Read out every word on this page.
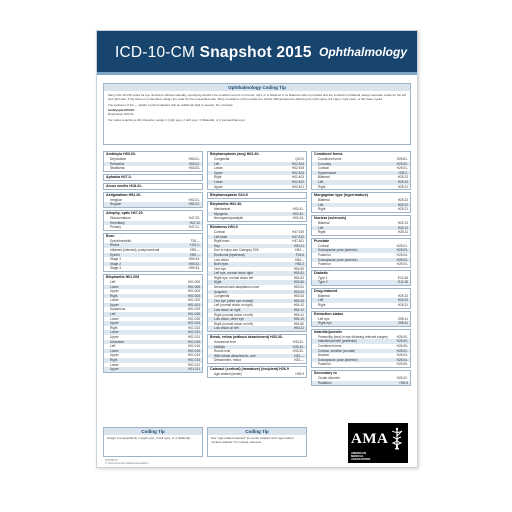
ICD-10-CM Snapshot 2015 Ophthalmology
Ophthalmology Coding Tip

Many ICD-10-CM codes for eye disorders indicate laterality, specifying whether the condition occurs on the left, right, or is bilateral. If no bilateral code is provided and the condition is bilateral, assign separate codes for the left and right side. If the side is not identified, assign the code for the unspecified side. Many conditions of the eyelids are further differentiated as affecting the right upper, left upper, right lower, or left lower eyelid.

The inclusion of the — (dash) symbol indicates that an additional digit is needed. For example:

Amblyopia H53.00-
Deprivation H53.01-

For codes requiring a 6th character, assign 1 (right eye), 2 (left eye), 3 (bilateral), or 9 (unspecified eye).

Ambloyia H53.00-
Deprivation	H53.01-
Refractive	H53.02-
Strabismic	H53.03-
Aphakia H27.0-
Arcus senilis H18.41-
Astigmatism H52.20-
Irregular	H52.21-
Regular	H52.22-
Atrophy, optic H47.20
Glaucomatous	H47.23-
Hereditary	H47.22
Primary	H47.21-
Burn
Eye/adnexa/lid	T26.---
Retina	H31.1-
Inflamed (infected), postprocedural	H59.---
Eye/lid	H59.---
Stage 1	H59.43-
Stage 2	H59.42-
Stage 3	H59.43-
Blepharitis H01.009
Left	H01.006
Lower	H01.005
Upper	H01.004
Right	H01.003
Lower	H01.002
Upper	H01.001
Squamous	H01.029
Left	H01.026
Lower	H01.025
Upper	H01.024
Right	H01.023
Lower	H01.022
Upper	H01.021
Ulcerative	H01.019
Left	H01.016
Lower	H01.015
Upper	H01.014
Right	H01.013
Lower	H01.012
Upper	H01.011
Blepharoptosis (acq) H02.40-
Congenital	Q10.0
Left	H02.404
Lower	H02.405
Upper	H02.404
Right	H02.403
Lower	H02.402
Upper	H02.401
Blepharospasm G24.5
Blepharitis H02.40-
Mechanical	H02.41-
Myogenic	H02.42-
Neurogenic/paralytic	H02.43-
Blindness H54.0
Cortical	H47.619
Left brain	H47.612
Right brain	H47.611
Day	H53.11
Due to injury-see Category S05	H54.--
Emotional (hysterical)	F44.6
Low vision	H54.--
Both eyes	H54.2
One eye	H54.50
Left eye, normal vision right	H54.61
Right eye, normal vision left	H54.62
Night	H53.60
Abnormal dark adaptation curve	H53.61
Acquired	H53.62
Congenital	H53.63
One eye (other eye normal)	H54.40
Left (normal vision on right)	H54.42
Low vision on right	H54.12
Right (normal vision on left)	H54.41
Low vision, other eye	H54.10
Right (normal vision on left)	H54.60
Low vision on left	H54.11
Break, retina (without detachment) H33.30-
Horseshoe tear	H33.31-
Multiple	H33.33-
Round hole	H33.32-
With retinal detachment—see	H33.---
Detachment, retina	H33.---
Cataract (cortical) (immature) (incipient) H26.9
Age-related (senile)	H25.9
Combined forms
Combined forms	H25.81-
Coronary	H25.00-
Cortical	H25.01-
Hypermature	H25.2-
Bilateral	H25.23
Left	H25.22
Right	H25.21
Morgagnian type (hypermature)
Bilateral	H25.23
Left	H25.22
Right	H25.21
Nuclear (sclerosis)
Bilateral	H25.13
Left	H25.12
Right	H25.11
Punctate
Cortical	H25.01-
Subcapsular polar (anterior)	H25.03-
Posterior	H25.04-
Subcapsular polar (anterior)	H25.03-
Posterior	H25.04-
Diabetic
Type 1	E10.36
Type 2	E11.36
Drug-induced
Bilateral	H26.33
Left	H26.32
Right	H26.31
Extraction status
Left eye	Z98.41
Right eye	Z98.42
Infantile/juvenile
Presenility (less) in eye following relevant surgery	H26.00-
Infantile/juvenile (presenile)	H26.00-
Combined forms	H26.06-
Cortical, lamellar (zonular)	H26.01-
Nuclear	H26.03-
Subcapsular polar (anterior)	H26.04-
Posterior	H26.05-
Secondary to
Ocular disorder	H26.22-
Radiation	H26.8
Coding Tip
Assign 0 (unspecified), 1 (right eye), 2 (left eye), or 3 (bilateral).
Coding Tip
See "age-related cataract" for senile cataract and "age-related nuclear cataract" for nuclear sclerosis.
OP783615
© 2014 American Medical Association
AMA
AMERICAN
MEDICAL
ASSOCIATION
